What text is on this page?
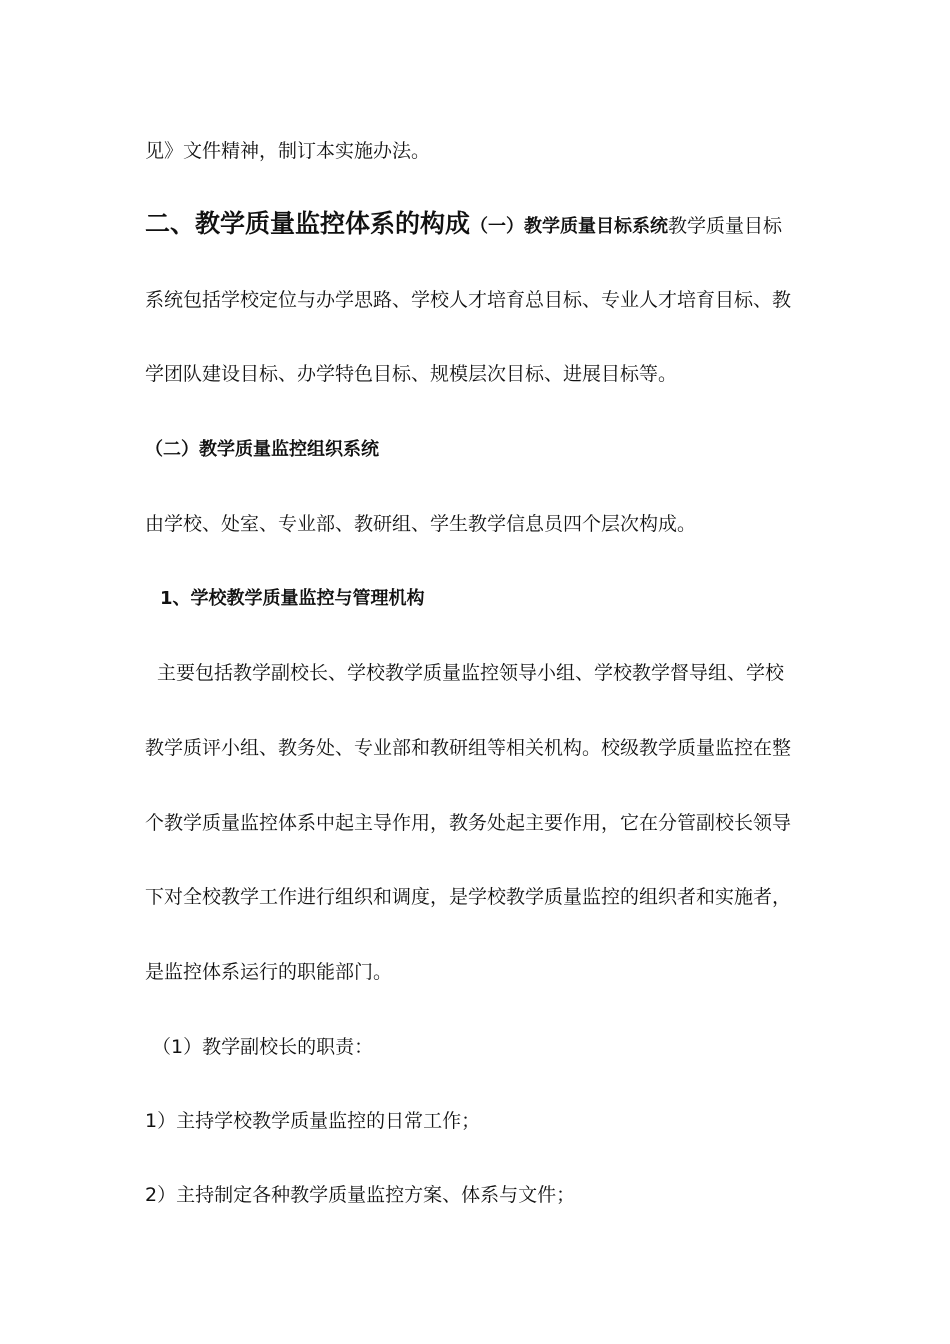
见》文件精神，制订本实施办法。
二、教学质量监控体系的构成（一）教学质量目标系统教学质量目标
系统包括学校定位与办学思路、学校人才培育总目标、专业人才培育目标、教
学团队建设目标、办学特色目标、规模层次目标、进展目标等。
（二）教学质量监控组织系统
由学校、处室、专业部、教研组、学生教学信息员四个层次构成。
1、学校教学质量监控与管理机构
主要包括教学副校长、学校教学质量监控领导小组、学校教学督导组、学校
教学质评小组、教务处、专业部和教研组等相关机构。校级教学质量监控在整
个教学质量监控体系中起主导作用，教务处起主要作用，它在分管副校长领导
下对全校教学工作进行组织和调度，是学校教学质量监控的组织者和实施者，
是监控体系运行的职能部门。
（1）教学副校长的职责：
1）主持学校教学质量监控的日常工作；
2）主持制定各种教学质量监控方案、体系与文件；
